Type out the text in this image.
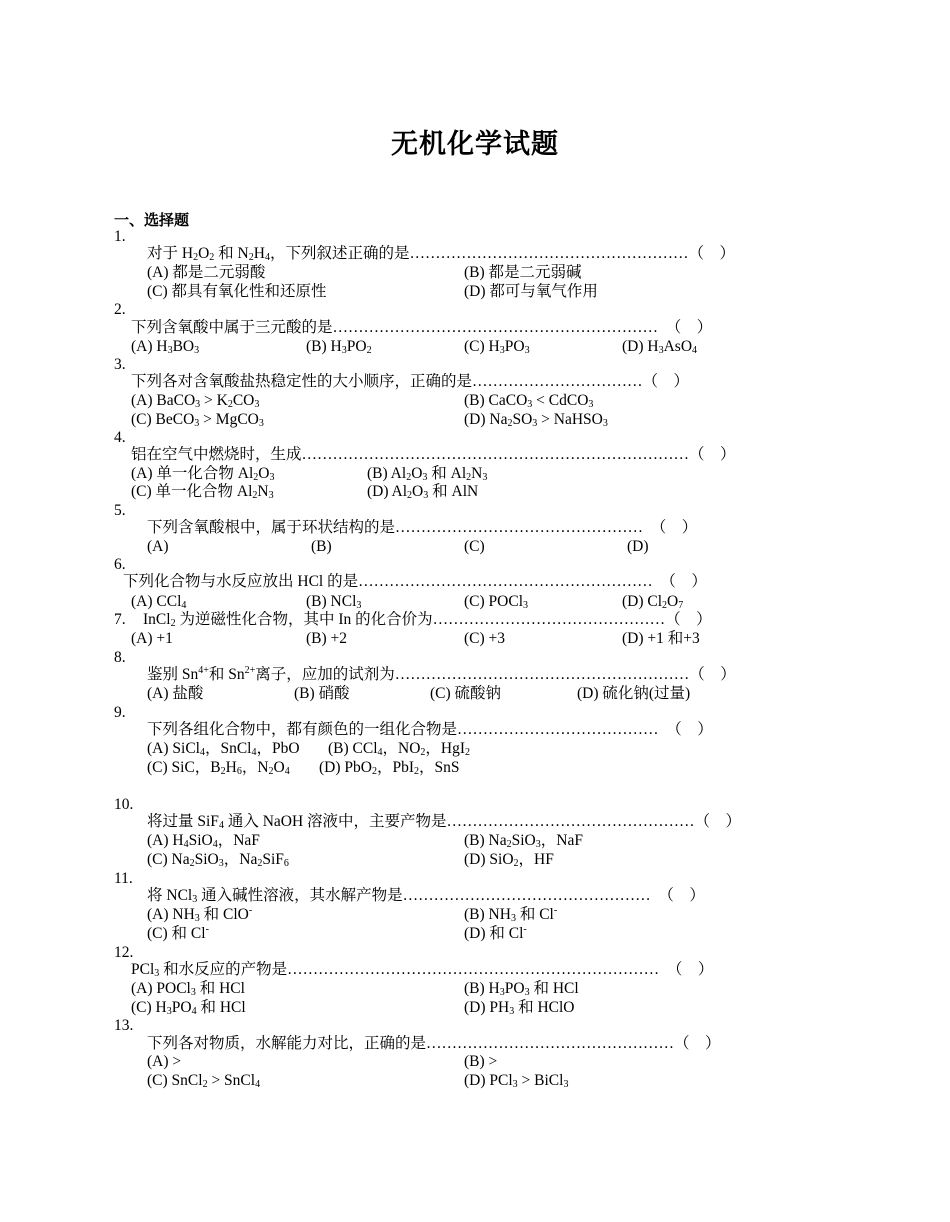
无机化学试题
一、选择题
1.
对于 $H_2O_2$ 和 $N_2H_4$，下列叙述正确的是………………………………………………（　）
(A) 都是二元弱酸	(B) 都是二元弱碱
(C) 都具有氧化性和还原性	(D) 都可与氧气作用
2.
下列含氧酸中属于三元酸的是………………………………………………………　（　）
(A) $H_3BO_3$	(B) $H_3PO_2$	(C) $H_3PO_3$	(D) $H_3AsO_4$
3.
下列各对含氧酸盐热稳定性的大小顺序，正确的是……………………………（　）
(A) BaCO$_3$ > $K_2CO_3$	(B) CaCO$_3$ < CdCO$_3$
(C) BeCO$_3$ > MgCO$_3$	(D) $Na_2SO_3$ > NaHSO$_3$
4.
铝在空气中燃烧时，生成…………………………………………………………………（　）
(A) 单一化合物 $Al_2O_3$	(B) $Al_2O_3$ 和 $Al_2N_3$
(C) 单一化合物 $Al_2N_3$	(D) $Al_2O_3$ 和 AlN
5.
下列含氧酸根中，属于环状结构的是…………………………………………　（　）
(A)	(B)	(C)	(D)
6.
下列化合物与水反应放出 HCl 的是…………………………………………………　（　）
(A) CCl$_4$	(B) NCl$_3$	(C) POCl$_3$	(D) $Cl_2O_7$
7. InCl$_2$ 为逆磁性化合物，其中 In 的化合价为………………………………………（　）
(A) +1	(B) +2	(C) +3	(D) +1 和+3
8.
鉴别 $Sn^{4+}$和 $Sn^{2+}$离子，应加的试剂为…………………………………………………（　）
(A) 盐酸	(B) 硝酸	(C) 硫酸钠	(D) 硫化钠(过量)
9.
下列各组化合物中，都有颜色的一组化合物是…………………………………　（　）
(A) SiCl$_4$，SnCl$_4$，PbO (B) CCl$_4$，$NO_2$，HgI$_2$
(C) SiC，$B_2H_6$，$N_2O_4$ (D) PbO$_2$，PbI$_2$，SnS
10.
将过量 SiF$_4$ 通入 NaOH 溶液中，主要产物是…………………………………………（　）
(A) $H_4SiO_4$，NaF	(B) $Na_2SiO_3$，NaF
(C) $Na_2SiO_3$，$Na_2SiF_6$	(D) SiO$_2$，HF
11.
将 NCl$_3$ 通入碱性溶液，其水解产物是…………………………………………　（　）
(A) $NH_3$ 和 ClO-	(B) $NH_3$ 和 Cl-
(C) 和 Cl-	(D) 和 Cl-
12.
PCl$_3$ 和水反应的产物是………………………………………………………………　（　）
(A) POCl$_3$ 和 HCl	(B) $H_3PO_3$ 和 HCl
(C) $H_3PO_4$ 和 HCl	(D) $PH_3$ 和 HClO
13.
下列各对物质，水解能力对比，正确的是…………………………………………（　）
(A) >	(B) >
(C) SnCl$_2$ > SnCl$_4$	(D) PCl$_3$ > BiCl$_3$
